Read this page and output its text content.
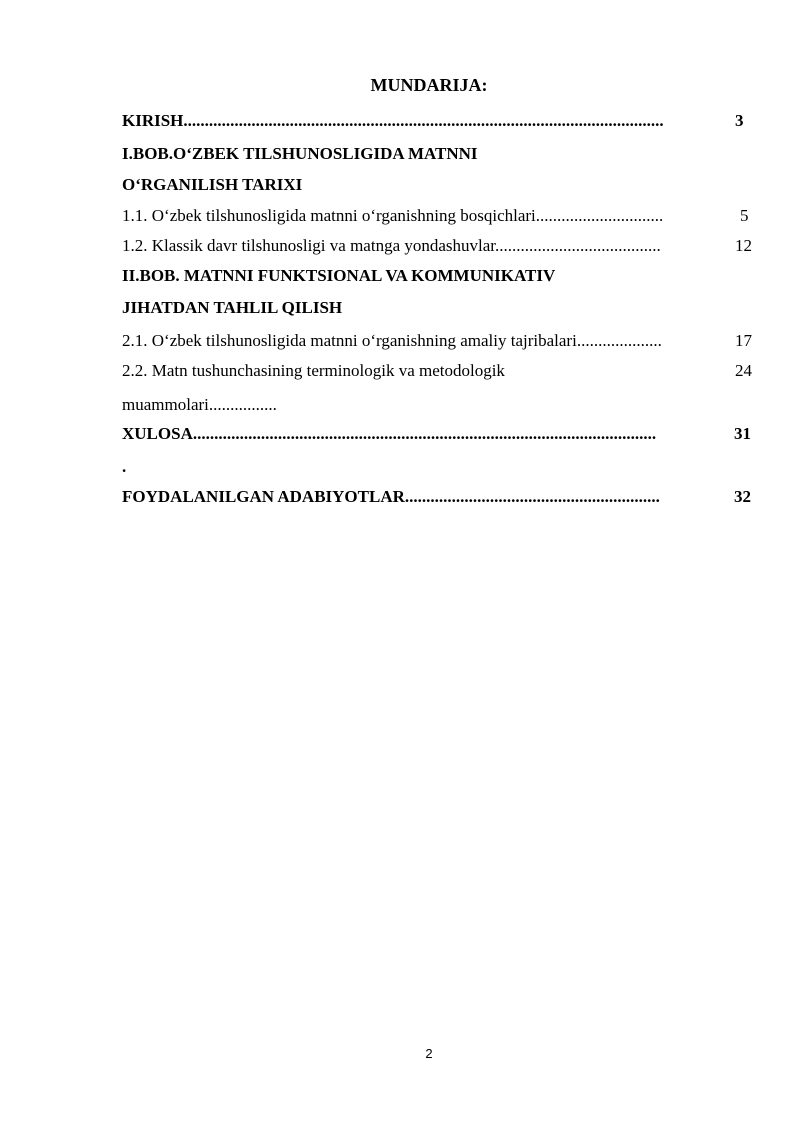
MUNDARIJA:
KIRISH.................................................................................................................	3
I.BOB.O‘ZBEK TILSHUNOSLIGIDA MATNNI
O‘RGANILISH TARIXI
1.1. O‘zbek tilshunosligida matnni o‘rganishning bosqichlari..............................	5
1.2. Klassik davr tilshunosligi va matnga yondashuvlar.......................................	12
II.BOB. MATNNI FUNKTSIONAL VA KOMMUNIKATIV
JIHATDAN TAHLIL QILISH
2.1. O‘zbek tilshunosligida matnni o‘rganishning amaliy tajribalari....................	17
2.2. Matn tushunchasining terminologik va metodologik	24
muammolari................
XULOSA.............................................................................................................	31
.
FOYDALANILGAN ADABIYOTLAR............................................................	32
2
